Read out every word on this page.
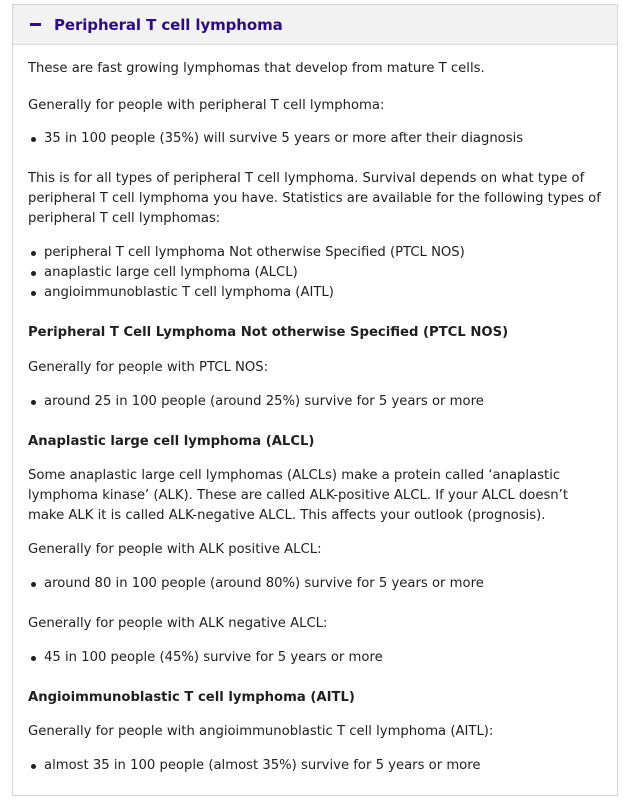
Peripheral T cell lymphoma

These are fast growing lymphomas that develop from mature T cells.

Generally for people with peripheral T cell lymphoma:

35 in 100 people (35%) will survive 5 years or more after their diagnosis

This is for all types of peripheral T cell lymphoma. Survival depends on what type of peripheral T cell lymphoma you have. Statistics are available for the following types of peripheral T cell lymphomas:

peripheral T cell lymphoma Not otherwise Specified (PTCL NOS)
anaplastic large cell lymphoma (ALCL)
angioimmunoblastic T cell lymphoma (AITL)
Peripheral T Cell Lymphoma Not otherwise Specified (PTCL NOS)

Generally for people with PTCL NOS:

around 25 in 100 people (around 25%) survive for 5 years or more
Anaplastic large cell lymphoma (ALCL)

Some anaplastic large cell lymphomas (ALCLs) make a protein called ‘anaplastic lymphoma kinase’ (ALK). These are called ALK-positive ALCL. If your ALCL doesn’t make ALK it is called ALK-negative ALCL. This affects your outlook (prognosis).

Generally for people with ALK positive ALCL:

around 80 in 100 people (around 80%) survive for 5 years or more

Generally for people with ALK negative ALCL:

45 in 100 people (45%) survive for 5 years or more
Angioimmunoblastic T cell lymphoma (AITL)

Generally for people with angioimmunoblastic T cell lymphoma (AITL):

almost 35 in 100 people (almost 35%) survive for 5 years or more
